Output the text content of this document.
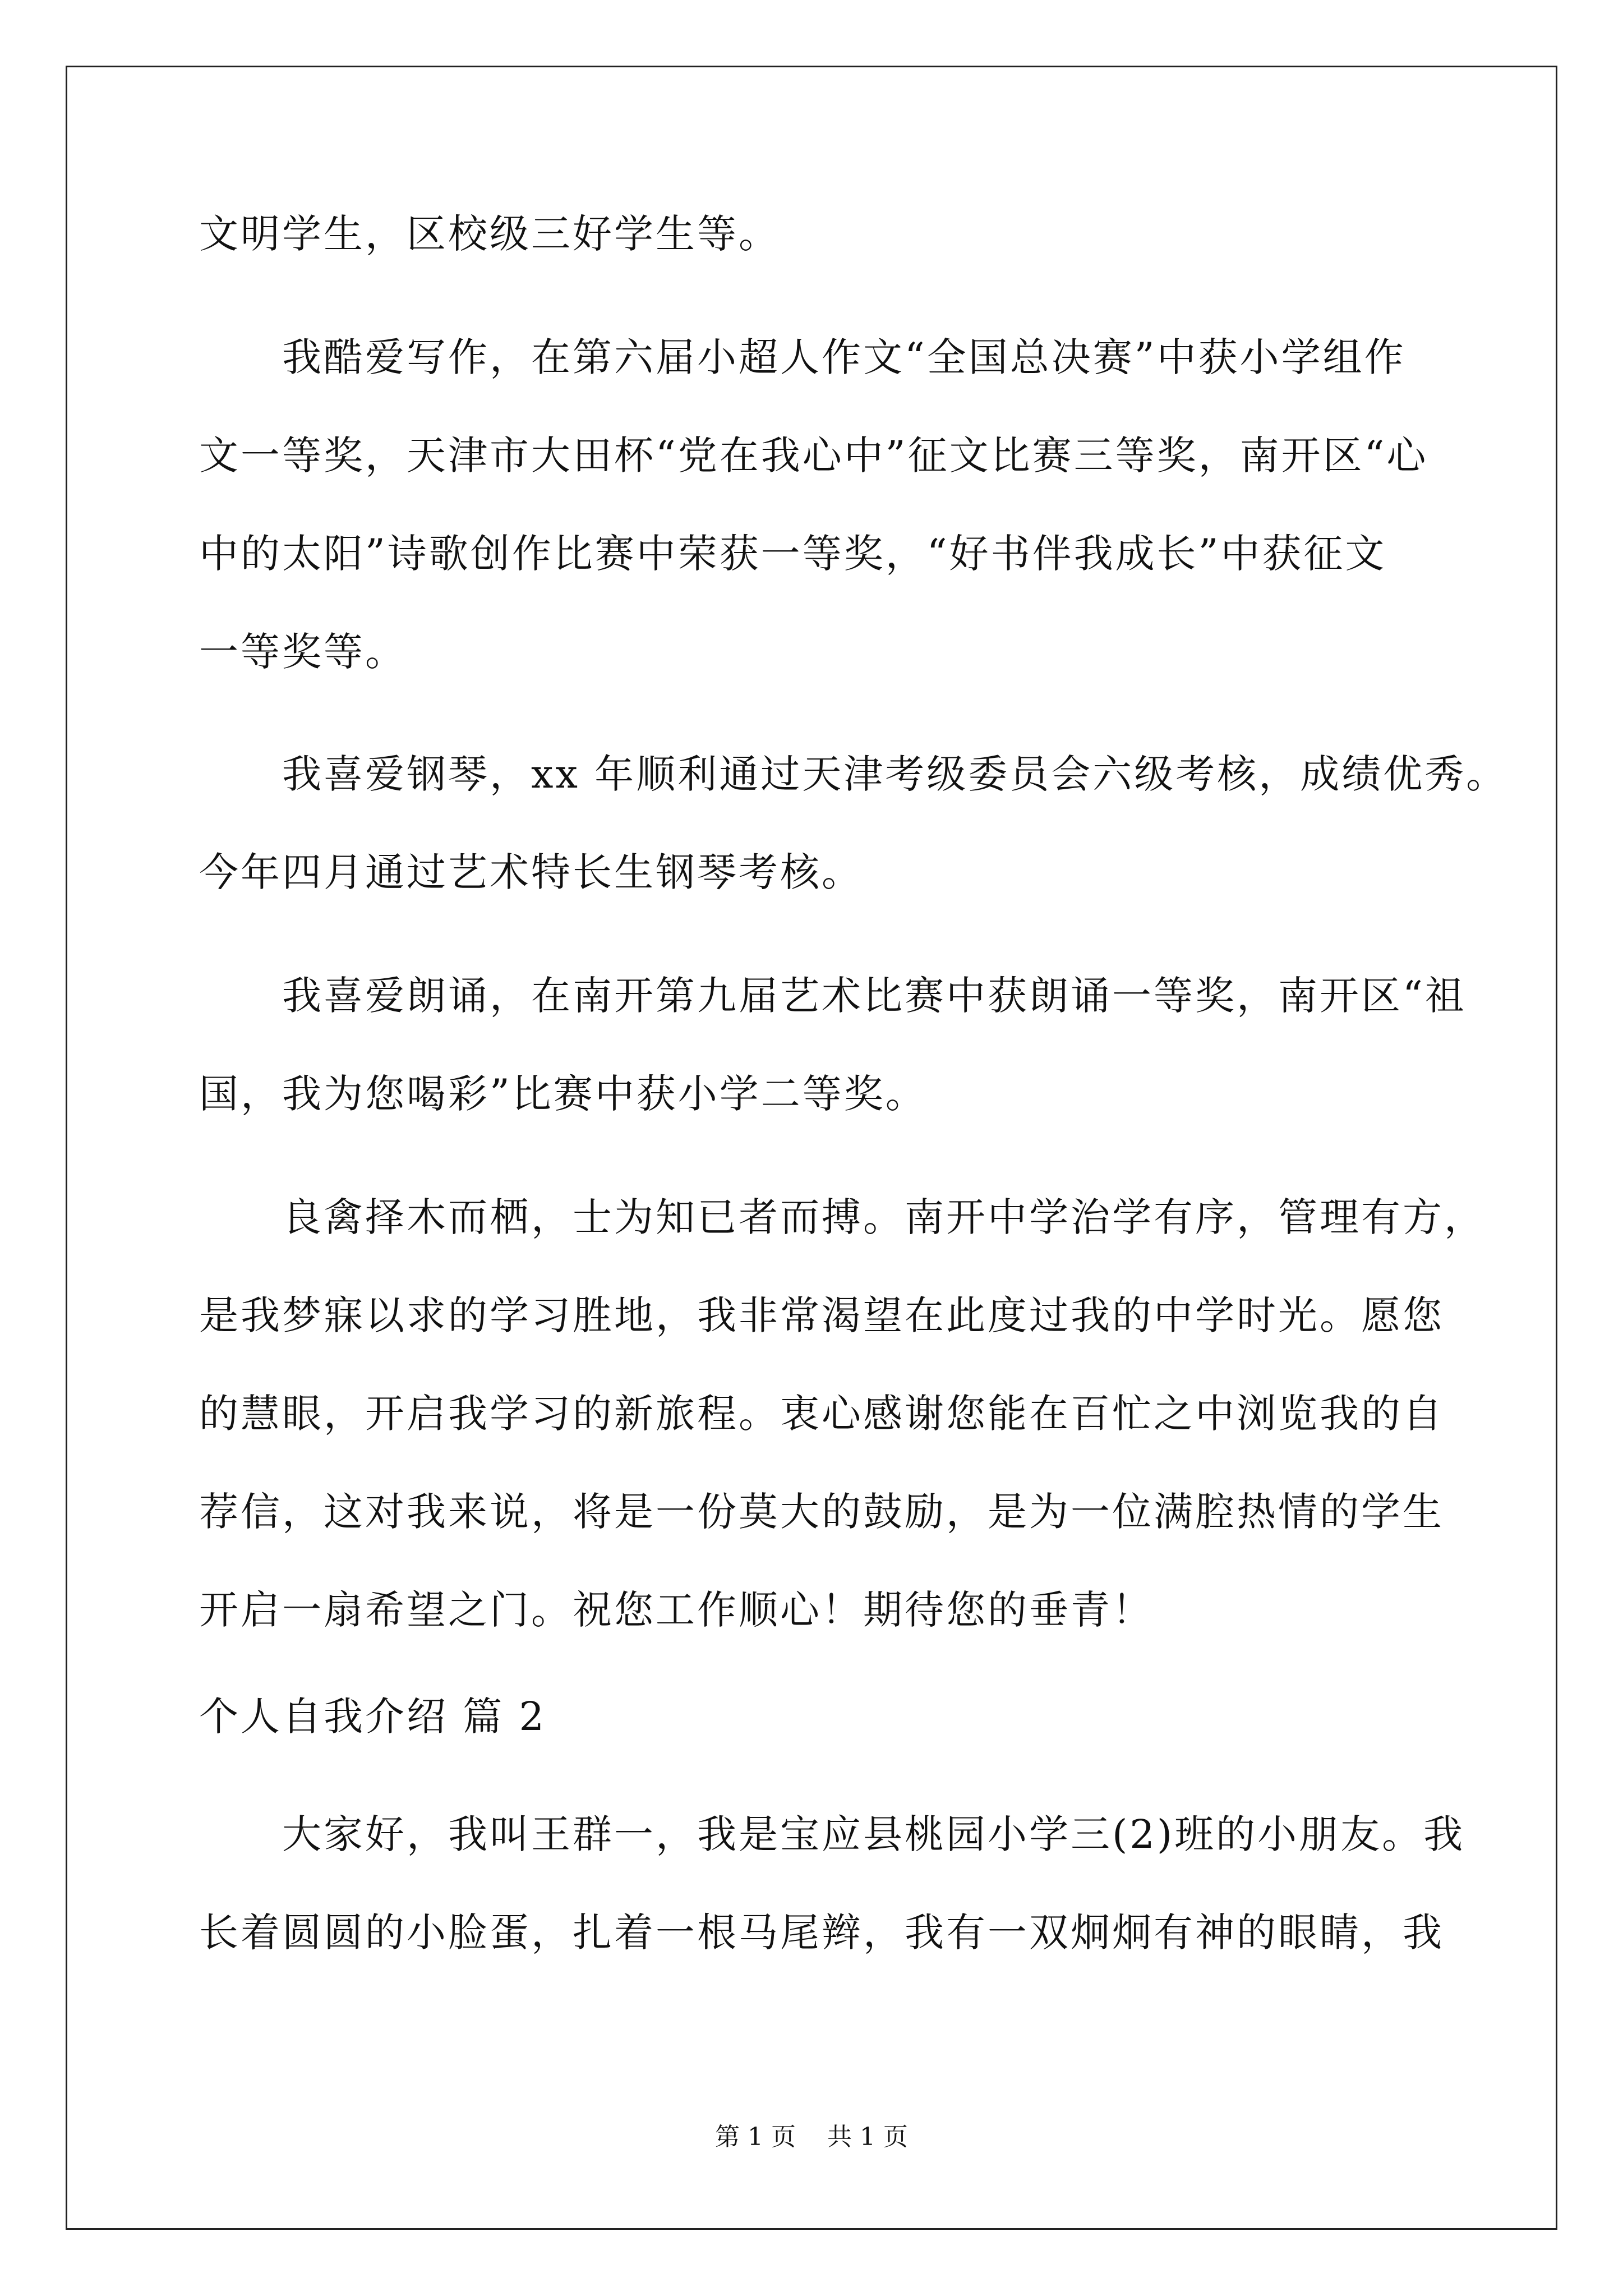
文明学生，区校级三好学生等。
　　我酷爱写作，在第六届小超人作文“全国总决赛”中获小学组作
文一等奖，天津市大田杯“党在我心中”征文比赛三等奖，南开区“心
中的太阳”诗歌创作比赛中荣获一等奖，“好书伴我成长”中获征文
一等奖等。
　　我喜爱钢琴，xx 年顺利通过天津考级委员会六级考核，成绩优秀。
今年四月通过艺术特长生钢琴考核。
　　我喜爱朗诵，在南开第九届艺术比赛中获朗诵一等奖，南开区“祖
国，我为您喝彩”比赛中获小学二等奖。
　　良禽择木而栖，士为知已者而搏。南开中学治学有序，管理有方，
是我梦寐以求的学习胜地，我非常渴望在此度过我的中学时光。愿您
的慧眼，开启我学习的新旅程。衷心感谢您能在百忙之中浏览我的自
荐信，这对我来说，将是一份莫大的鼓励，是为一位满腔热情的学生
开启一扇希望之门。祝您工作顺心！期待您的垂青！
个人自我介绍 篇 2
　　大家好，我叫王群一，我是宝应县桃园小学三(2)班的小朋友。我
长着圆圆的小脸蛋，扎着一根马尾辫，我有一双炯炯有神的眼睛，我
第 1 页    共 1 页
